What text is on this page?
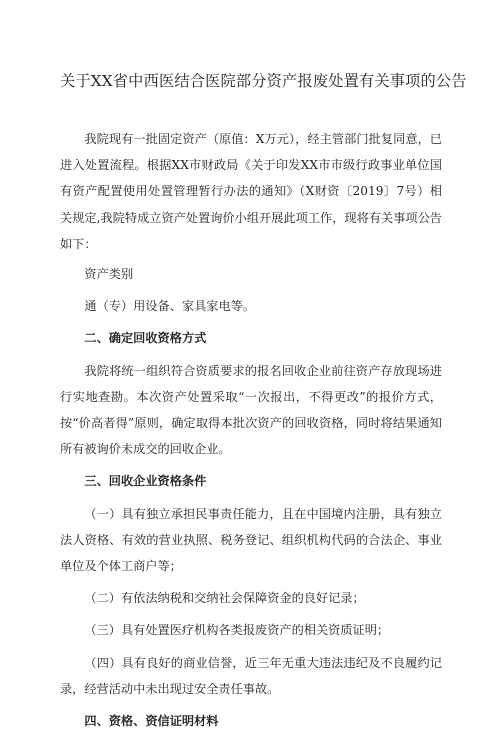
关于XX省中西医结合医院部分资产报废处置有关事项的公告

我院现有一批固定资产（原值：X万元），经主管部门批复同意，已进入处置流程。根据XX市财政局《关于印发XX市市级行政事业单位国有资产配置使用处置管理暂行办法的通知》（X财资〔2019〕7号）相关规定,我院特成立资产处置询价小组开展此项工作，现将有关事项公告如下：

资产类别

通（专）用设备、家具家电等。

二、确定回收资格方式

我院将统一组织符合资质要求的报名回收企业前往资产存放现场进行实地查勘。本次资产处置采取“一次报出，不得更改”的报价方式，按“价高者得”原则，确定取得本批次资产的回收资格，同时将结果通知所有被询价未成交的回收企业。

三、回收企业资格条件

（一）具有独立承担民事责任能力，且在中国境内注册，具有独立法人资格、有效的营业执照、税务登记、组织机构代码的合法企、事业单位及个体工商户等；

（二）有依法纳税和交纳社会保障资金的良好记录；

（三）具有处置医疗机构各类报废资产的相关资质证明；

（四）具有良好的商业信誉，近三年无重大违法违纪及不良履约记录，经营活动中未出现过安全责任事故。

四、资格、资信证明材料
